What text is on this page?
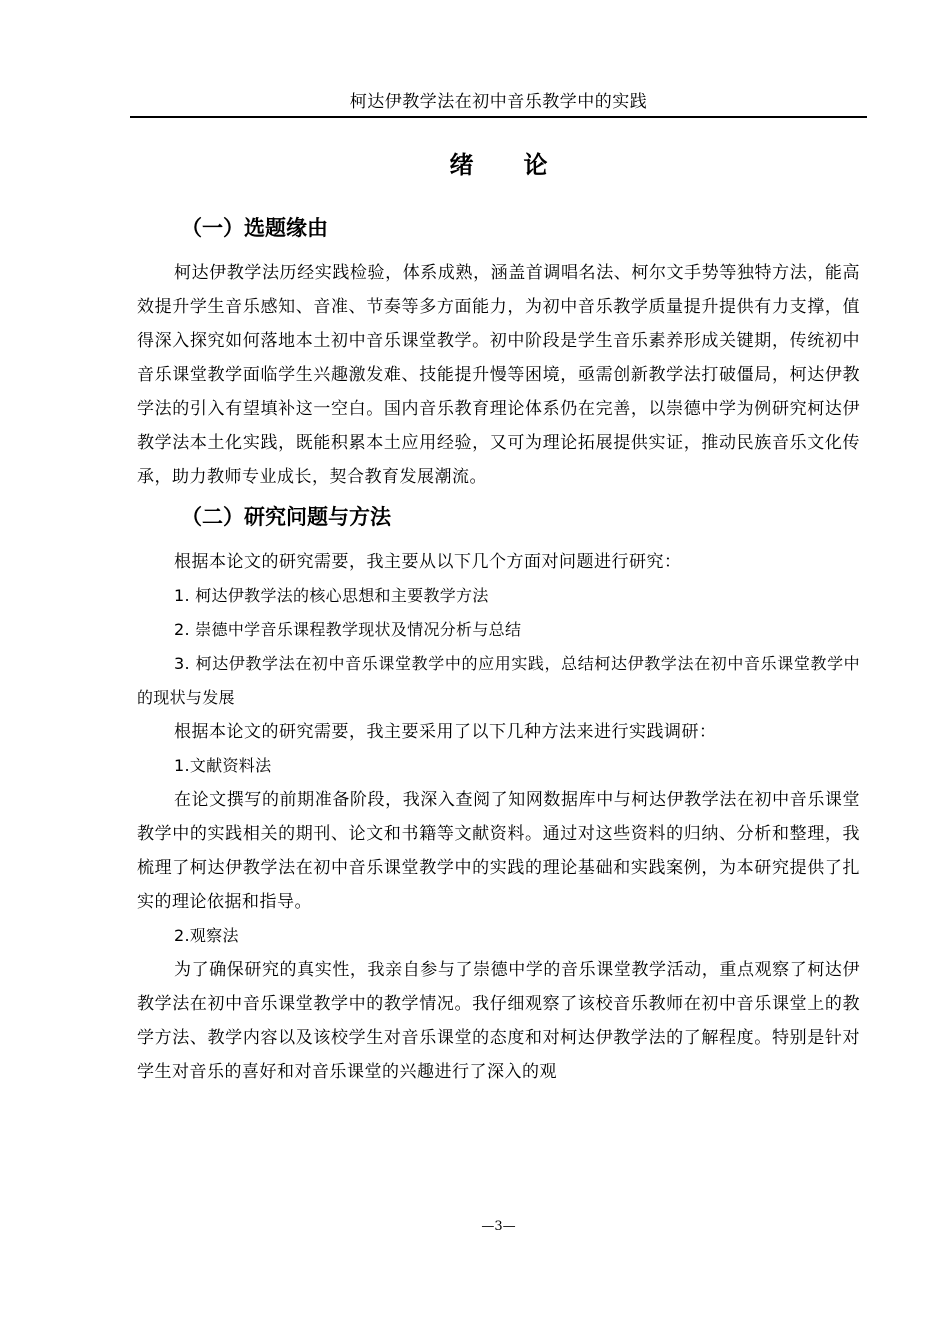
柯达伊教学法在初中音乐教学中的实践
绪论
（一）选题缘由

柯达伊教学法历经实践检验，体系成熟，涵盖首调唱名法、柯尔文手势等独特方法，能高效提升学生音乐感知、音准、节奏等多方面能力，为初中音乐教学质量提升提供有力支撑，值得深入探究如何落地本土初中音乐课堂教学。初中阶段是学生音乐素养形成关键期，传统初中音乐课堂教学面临学生兴趣激发难、技能提升慢等困境，亟需创新教学法打破僵局，柯达伊教学法的引入有望填补这一空白。国内音乐教育理论体系仍在完善，以崇德中学为例研究柯达伊教学法本土化实践，既能积累本土应用经验，又可为理论拓展提供实证，推动民族音乐文化传承，助力教师专业成长，契合教育发展潮流。

（二）研究问题与方法

根据本论文的研究需要，我主要从以下几个方面对问题进行研究：

1. 柯达伊教学法的核心思想和主要教学方法

2. 崇德中学音乐课程教学现状及情况分析与总结

3. 柯达伊教学法在初中音乐课堂教学中的应用实践，总结柯达伊教学法在初中音乐课堂教学中的现状与发展

根据本论文的研究需要，我主要采用了以下几种方法来进行实践调研：

1.文献资料法

在论文撰写的前期准备阶段，我深入查阅了知网数据库中与柯达伊教学法在初中音乐课堂教学中的实践相关的期刊、论文和书籍等文献资料。通过对这些资料的归纳、分析和整理，我梳理了柯达伊教学法在初中音乐课堂教学中的实践的理论基础和实践案例，为本研究提供了扎实的理论依据和指导。

2.观察法

为了确保研究的真实性，我亲自参与了崇德中学的音乐课堂教学活动，重点观察了柯达伊教学法在初中音乐课堂教学中的教学情况。我仔细观察了该校音乐教师在初中音乐课堂上的教学方法、教学内容以及该校学生对音乐课堂的态度和对柯达伊教学法的了解程度。特别是针对学生对音乐的喜好和对音乐课堂的兴趣进行了深入的观

—3—
